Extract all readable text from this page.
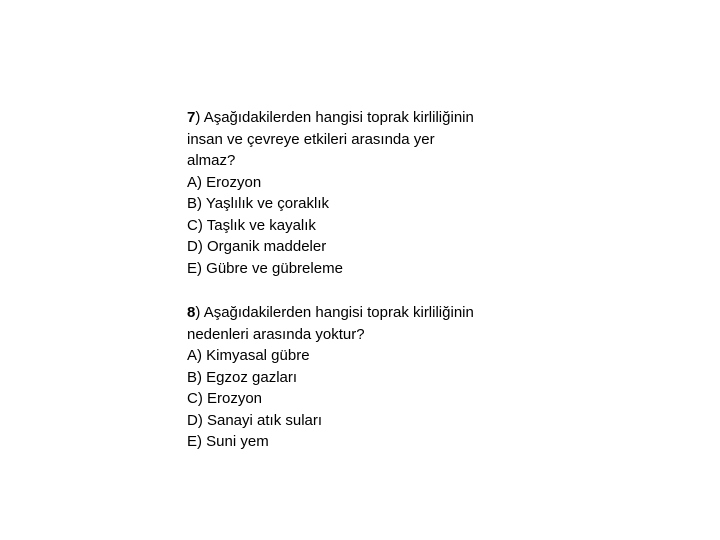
7) Aşağıdakilerden hangisi toprak kirliliğinin
insan ve çevreye etkileri arasında yer
almaz?
A) Erozyon
B) Yaşlılık ve çoraklık
C) Taşlık ve kayalık
D) Organik maddeler
E) Gübre ve gübreleme
8) Aşağıdakilerden hangisi toprak kirliliğinin
nedenleri arasında yoktur?
A) Kimyasal gübre
B) Egzoz gazları
C) Erozyon
D) Sanayi atık suları
E) Suni yem
